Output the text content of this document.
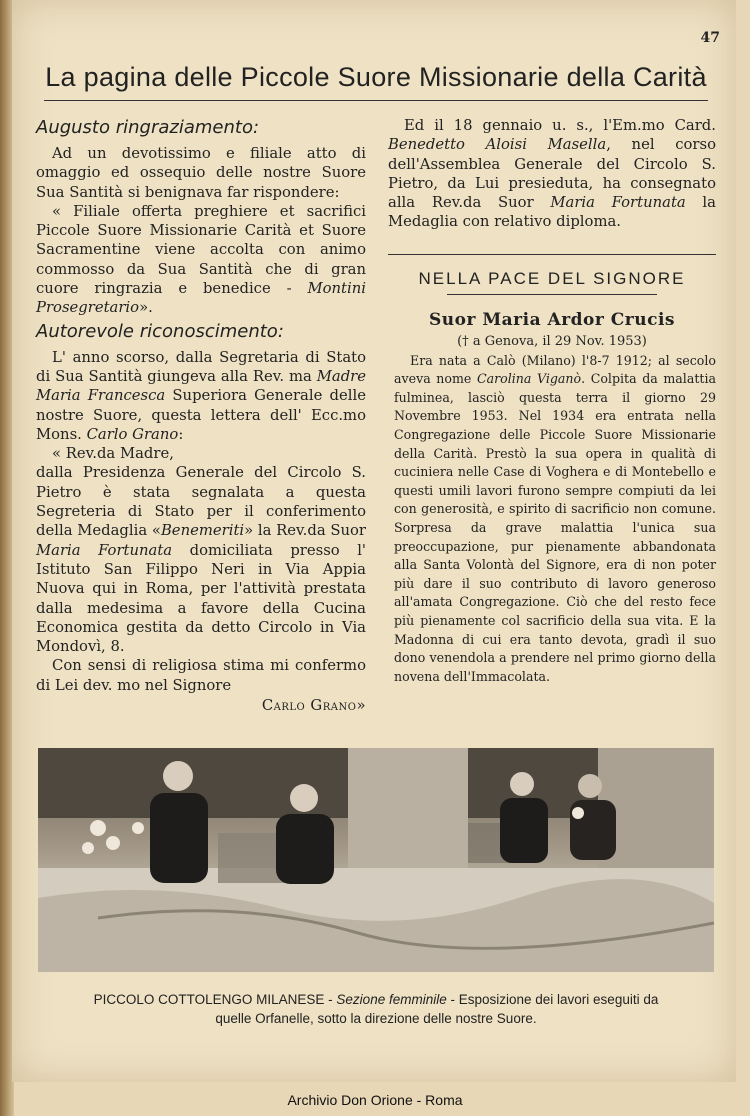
47
La pagina delle Piccole Suore Missionarie della Carità
Augusto ringraziamento:

Ad un devotissimo e filiale atto di omaggio ed ossequio delle nostre Suore Sua Santità si benignava far rispondere:

« Filiale offerta preghiere et sacrifici Piccole Suore Missionarie Carità et Suore Sacramentine viene accolta con animo commosso da Sua Santità che di gran cuore ringrazia e benedice - Montini Prosegretario».

Autorevole riconoscimento:

L' anno scorso, dalla Segretaria di Stato di Sua Santità giungeva alla Rev. ma Madre Maria Francesca Superiora Generale delle nostre Suore, questa lettera dell' Ecc.mo Mons. Carlo Grano:

« Rev.da Madre,

dalla Presidenza Generale del Circolo S. Pietro è stata segnalata a questa Segreteria di Stato per il conferimento della Medaglia «Benemeriti» la Rev.da Suor Maria Fortunata domiciliata presso l' Istituto San Filippo Neri in Via Appia Nuova qui in Roma, per l'attività prestata dalla medesima a favore della Cucina Economica gestita da detto Circolo in Via Mondovì, 8.

Con sensi di religiosa stima mi confermo di Lei dev. mo nel Signore

Carlo Grano»

Ed il 18 gennaio u. s., l'Em.mo Card. Benedetto Aloisi Masella, nel corso dell'Assemblea Generale del Circolo S. Pietro, da Lui presieduta, ha consegnato alla Rev.da Suor Maria Fortunata la Medaglia con relativo diploma.

NELLA PACE DEL SIGNORE
Suor Maria Ardor Crucis
(† a Genova, il 29 Nov. 1953)

Era nata a Calò (Milano) l'8-7 1912; al secolo aveva nome Carolina Viganò. Colpita da malattia fulminea, lasciò questa terra il giorno 29 Novembre 1953. Nel 1934 era entrata nella Congregazione delle Piccole Suore Missionarie della Carità. Prestò la sua opera in qualità di cuciniera nelle Case di Voghera e di Montebello e questi umili lavori furono sempre compiuti da lei con generosità, e spirito di sacrificio non comune. Sorpresa da grave malattia l'unica sua preoccupazione, pur pienamente abbandonata alla Santa Volontà del Signore, era di non poter più dare il suo contributo di lavoro generoso all'amata Congregazione. Ciò che del resto fece più pienamente col sacrificio della sua vita. E la Madonna di cui era tanto devota, gradì il suo dono venendola a prendere nel primo giorno della novena dell'Immacolata.

PICCOLO COTTOLENGO MILANESE - Sezione femminile - Esposizione dei lavori eseguiti da
quelle Orfanelle, sotto la direzione delle nostre Suore.
Archivio Don Orione - Roma
